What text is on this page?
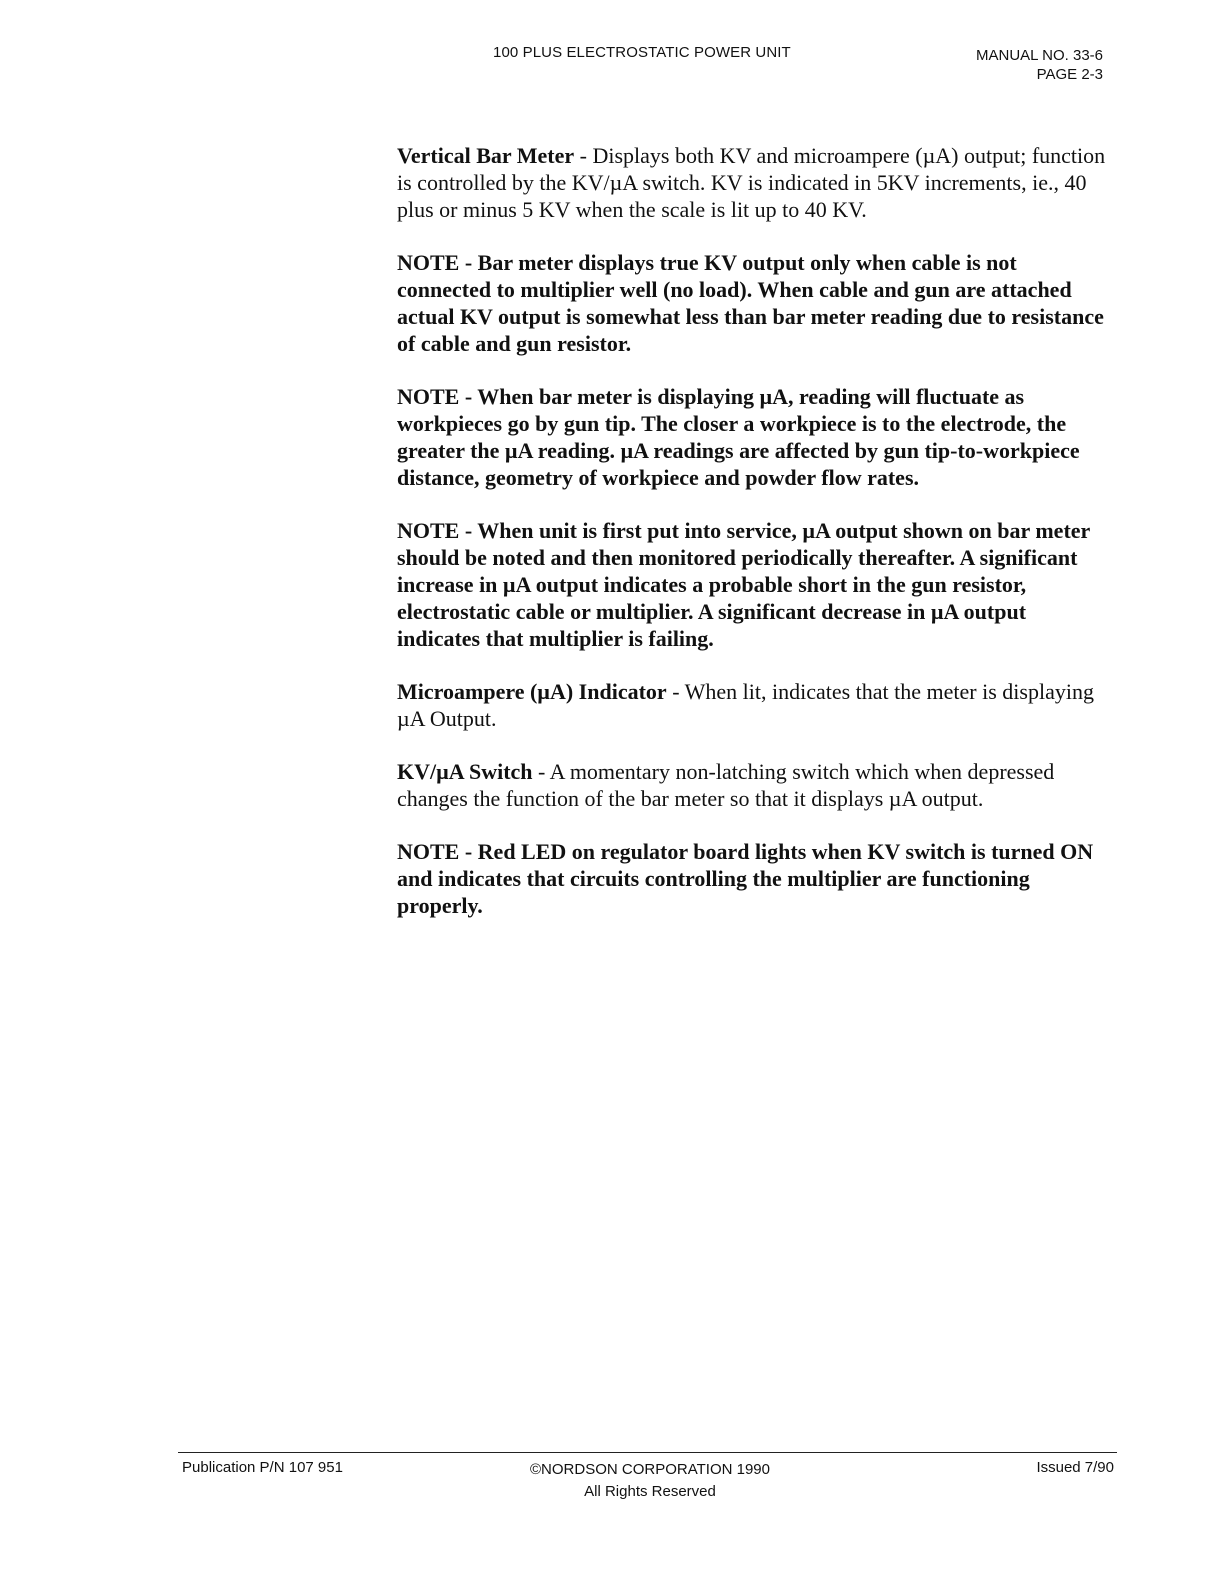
100 PLUS ELECTROSTATIC POWER UNIT	MANUAL NO. 33-6
PAGE 2-3

Vertical Bar Meter - Displays both KV and microampere (µA) output; function is controlled by the KV/µA switch. KV is indicated in 5KV increments, ie., 40 plus or minus 5 KV when the scale is lit up to 40 KV.

NOTE - Bar meter displays true KV output only when cable is not connected to multiplier well (no load). When cable and gun are attached actual KV output is somewhat less than bar meter reading due to resistance of cable and gun resistor.

NOTE - When bar meter is displaying µA, reading will fluctuate as workpieces go by gun tip. The closer a workpiece is to the electrode, the greater the µA reading. µA readings are affected by gun tip-to-workpiece distance, geometry of workpiece and powder flow rates.

NOTE - When unit is first put into service, µA output shown on bar meter should be noted and then monitored periodically thereafter. A significant increase in µA output indicates a probable short in the gun resistor, electrostatic cable or multiplier. A significant decrease in µA output indicates that multiplier is failing.

Microampere (µA) Indicator - When lit, indicates that the meter is displaying µA Output.

KV/µA Switch - A momentary non-latching switch which when depressed changes the function of the bar meter so that it displays µA output.

NOTE - Red LED on regulator board lights when KV switch is turned ON and indicates that circuits controlling the multiplier are functioning properly.

Publication P/N 107 951	©NORDSON CORPORATION 1990
All Rights Reserved
Issued 7/90
